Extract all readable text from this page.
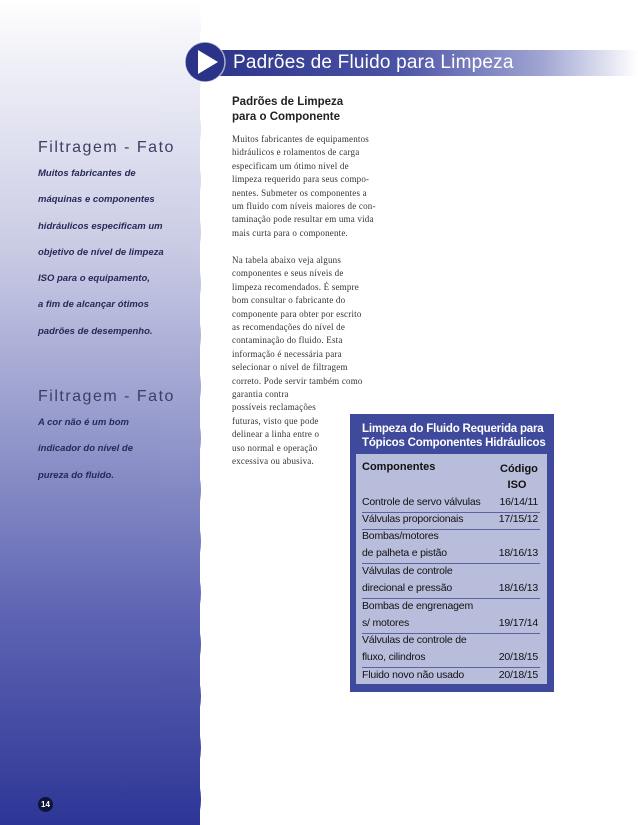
Filtragem - Fato
Muitos fabricantes de
máquinas e componentes
hidráulicos especificam um
objetivo de nível de limpeza
ISO para o equipamento,
a fim de alcançar ótimos
padrões de desempenho.
Filtragem - Fato
A cor não é um bom
indicador do nível de
pureza do fluido.
14
Padrões de Fluido para Limpeza
Padrões de Limpeza
para o Componente
Muitos fabricantes de equipamentos
hidráulicos e rolamentos de carga
especificam um ótimo nível de
limpeza requerido para seus compo-
nentes. Submeter os componentes a
um fluido com níveis maiores de con-
taminação pode resultar em uma vida
mais curta para o componente.
Na tabela abaixo veja alguns
componentes e seus níveis de
limpeza recomendados. É sempre
bom consultar o fabricante do
componente para obter por escrito
as recomendações do nível de
contaminação do fluido. Esta
informação é necessária para
selecionar o nível de filtragem
correto. Pode servir também como
garantia contra
possíveis reclamações
futuras, visto que pode
delinear a linha entre o
uso normal e operação
excessiva ou abusiva.
Limpeza do Fluido Requerida para
Tópicos Componentes Hidráulicos
Componentes	Código
ISO
Controle de servo válvulas 16/14/11
Válvulas proporcionais	17/15/12
Bombas/motores
de palheta e pistão	18/16/13
Válvulas de controle
direcional e pressão	18/16/13
Bombas de engrenagem
s/ motores	19/17/14
Válvulas de controle de
fluxo, cilindros	20/18/15
Fluido novo não usado	20/18/15
